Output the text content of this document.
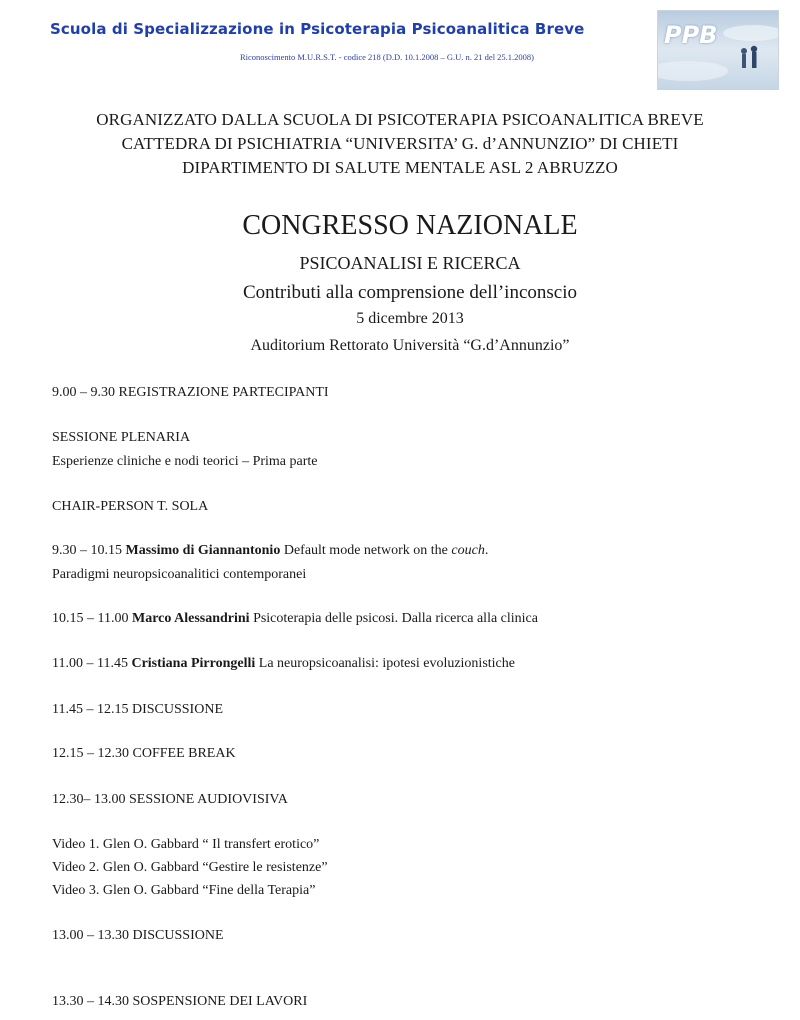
Scuola di Specializzazione in Psicoterapia Psicoanalitica Breve
Riconoscimento M.U.R.S.T. - codice 218 (D.D. 10.1.2008 – G.U. n. 21 del 25.1.2008)
PPB
ORGANIZZATO DALLA SCUOLA DI PSICOTERAPIA PSICOANALITICA BREVE
CATTEDRA DI PSICHIATRIA “UNIVERSITA’ G. d’ANNUNZIO” DI CHIETI
DIPARTIMENTO DI SALUTE MENTALE ASL 2 ABRUZZO
CONGRESSO NAZIONALE
PSICOANALISI E RICERCA
Contributi alla comprensione dell’inconscio
5 dicembre 2013
Auditorium Rettorato Università “G.d’Annunzio”
9.00 – 9.30 REGISTRAZIONE PARTECIPANTI
SESSIONE PLENARIA
Esperienze cliniche e nodi teorici – Prima parte
CHAIR-PERSON T. SOLA
9.30 – 10.15 Massimo di Giannantonio Default mode network on the couch.
Paradigmi neuropsicoanalitici contemporanei
10.15 – 11.00 Marco Alessandrini Psicoterapia delle psicosi. Dalla ricerca alla clinica
11.00 – 11.45 Cristiana Pirrongelli La neuropsicoanalisi: ipotesi evoluzionistiche
11.45 – 12.15 DISCUSSIONE
12.15 – 12.30 COFFEE BREAK
12.30– 13.00 SESSIONE AUDIOVISIVA
Video 1. Glen O. Gabbard “ Il transfert erotico”
Video 2. Glen O. Gabbard “Gestire le resistenze”
Video 3. Glen O. Gabbard “Fine della Terapia”
13.00 – 13.30 DISCUSSIONE
13.30 – 14.30 SOSPENSIONE DEI LAVORI
